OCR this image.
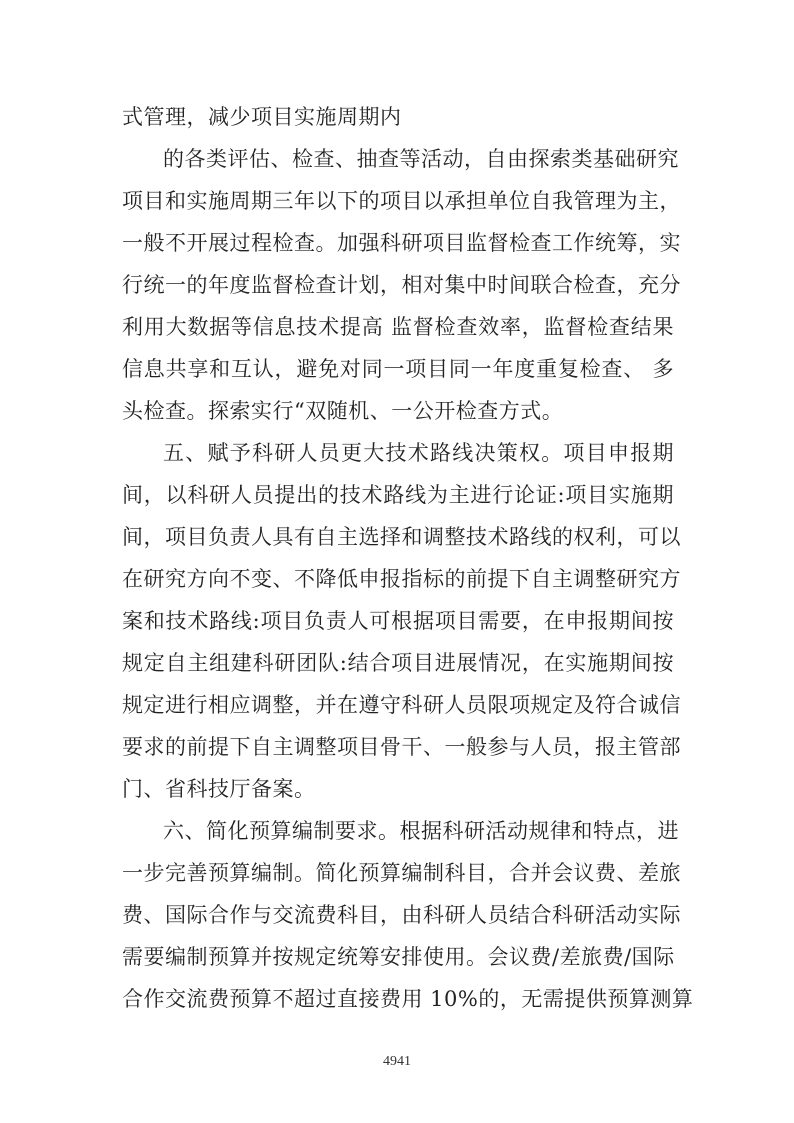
式管理，减少项目实施周期内
的各类评估、检查、抽查等活动，自由探索类基础研究
项目和实施周期三年以下的项目以承担单位自我管理为主，
一般不开展过程检查。加强科研项目监督检查工作统筹，实
行统一的年度监督检查计划，相对集中时间联合检查，充分
利用大数据等信息技术提高 监督检查效率，监督检查结果
信息共享和互认，避免对同一项目同一年度重复检查、 多
头检查。探索实行“双随机、一公开检查方式。
五、赋予科研人员更大技术路线决策权。项目申报期
间，以科研人员提出的技术路线为主进行论证:项目实施期
间，项目负责人具有自主选择和调整技术路线的权利，可以
在研究方向不变、不降低申报指标的前提下自主调整研究方
案和技术路线:项目负责人可根据项目需要，在申报期间按
规定自主组建科研团队:结合项目进展情况，在实施期间按
规定进行相应调整，并在遵守科研人员限项规定及符合诚信
要求的前提下自主调整项目骨干、一般参与人员，报主管部
门、省科技厅备案。
六、简化预算编制要求。根据科研活动规律和特点，进
一步完善预算编制。简化预算编制科目，合并会议费、差旅
费、国际合作与交流费科目，由科研人员结合科研活动实际
需要编制预算并按规定统筹安排使用。会议费/差旅费/国际
合作交流费预算不超过直接费用 10%的，无需提供预算测算
4941
